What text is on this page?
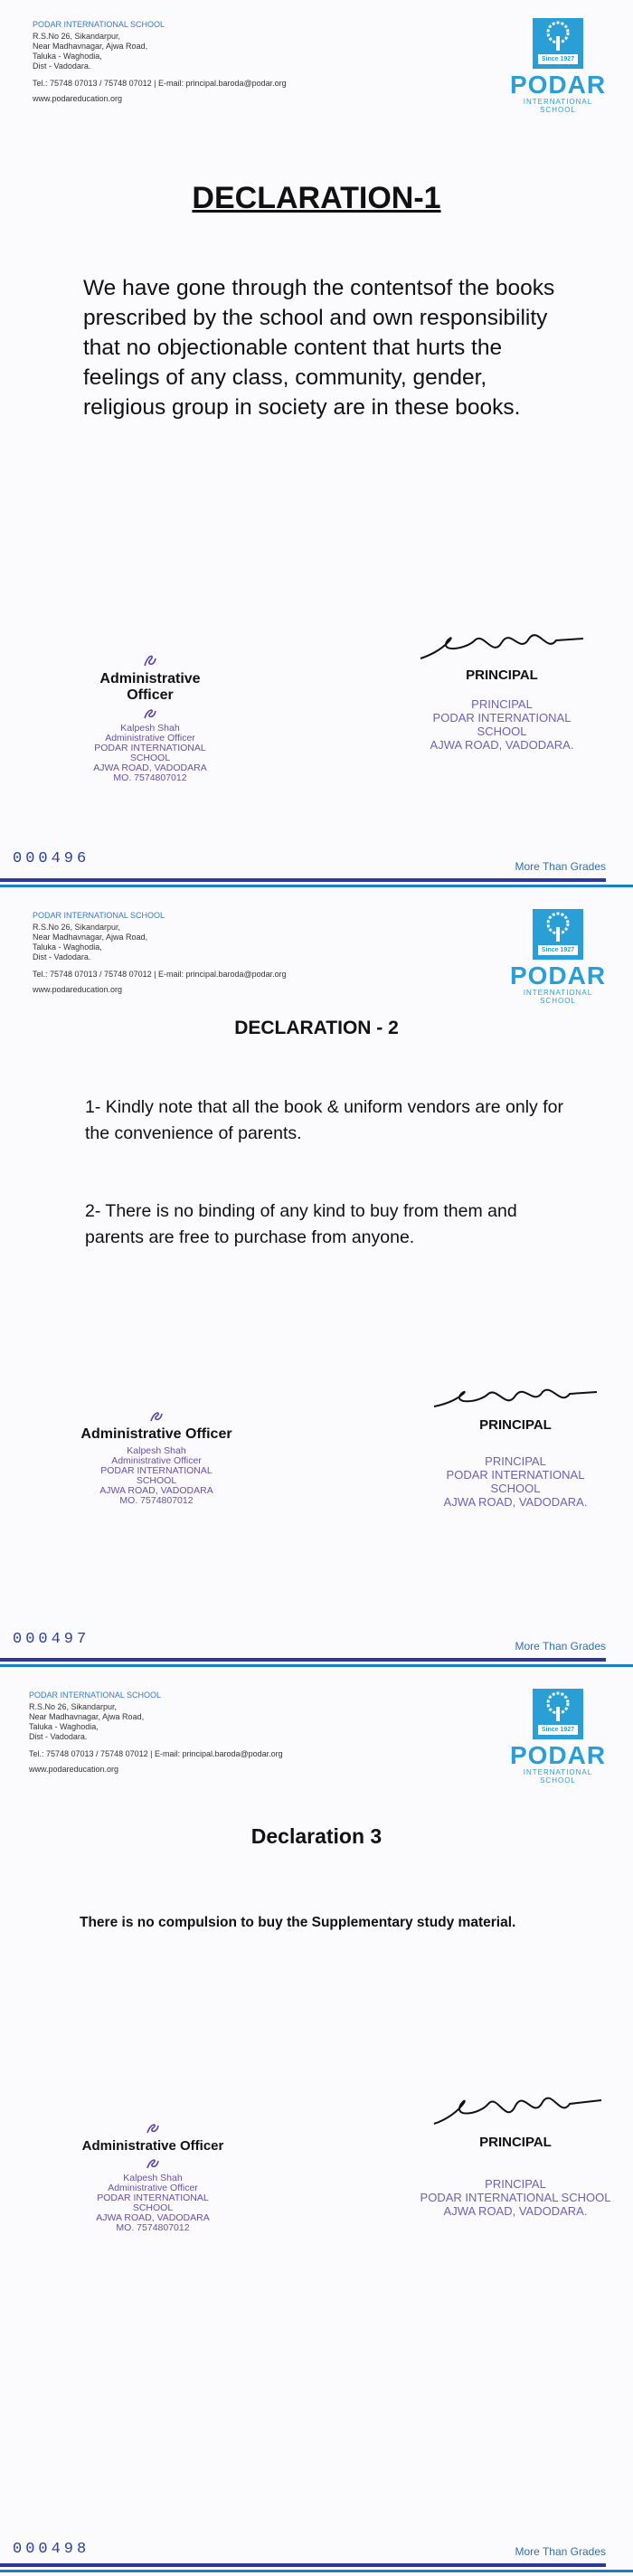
PODAR INTERNATIONAL SCHOOL
R.S.No 26, Sikandarpur,
Near Madhavnagar, Ajwa Road,
Taluka - Waghodia,
Dist - Vadodara.
Tel.: 75748 07013 / 75748 07012 | E-mail: principal.baroda@podar.org
www.podareducation.org
Since 1927
PODAR
INTERNATIONAL SCHOOL
DECLARATION-1
We have gone through the contentsof the books prescribed by the school and own responsibility that no objectionable content that hurts the feelings of any class, community, gender, religious group in society are in these books.
Administrative Officer
Kalpesh Shah
Administrative Officer
PODAR INTERNATIONAL SCHOOL
AJWA ROAD, VADODARA
MO. 7574807012
PRINCIPAL
PRINCIPAL
PODAR INTERNATIONAL SCHOOL
AJWA ROAD, VADODARA.
000496	More Than Grades
PODAR INTERNATIONAL SCHOOL
R.S.No 26, Sikandarpur,
Near Madhavnagar, Ajwa Road,
Taluka - Waghodia,
Dist - Vadodara.
Tel.: 75748 07013 / 75748 07012 | E-mail: principal.baroda@podar.org
www.podareducation.org
Since 1927
PODAR
INTERNATIONAL SCHOOL
DECLARATION - 2
1- Kindly note that all the book & uniform vendors are only for the convenience of parents.
2- There is no binding of any kind to buy from them and parents are free to purchase from anyone.
Administrative Officer
Kalpesh Shah
Administrative Officer
PODAR INTERNATIONAL SCHOOL
AJWA ROAD, VADODARA
MO. 7574807012
PRINCIPAL
PRINCIPAL
PODAR INTERNATIONAL SCHOOL
AJWA ROAD, VADODARA.
000497	More Than Grades
PODAR INTERNATIONAL SCHOOL
R.S.No 26, Sikandarpur,
Near Madhavnagar, Ajwa Road,
Taluka - Waghodia,
Dist - Vadodara.
Tel.: 75748 07013 / 75748 07012 | E-mail: principal.baroda@podar.org
www.podareducation.org
Since 1927
PODAR
INTERNATIONAL SCHOOL
Declaration 3
There is no compulsion to buy the Supplementary study material.
Administrative Officer
Kalpesh Shah
Administrative Officer
PODAR INTERNATIONAL SCHOOL
AJWA ROAD, VADODARA
MO. 7574807012
PRINCIPAL
PRINCIPAL
PODAR INTERNATIONAL SCHOOL
AJWA ROAD, VADODARA.
000498	More Than Grades
